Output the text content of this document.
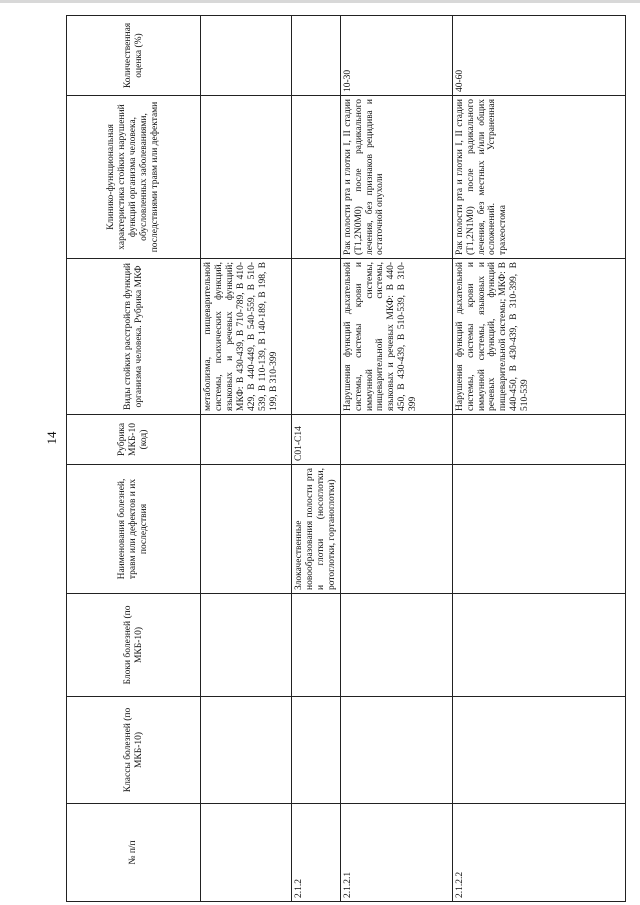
14
№ п/п	Классы болезней (по МКБ-10)	Блоки болезней (по МКБ-10)	Наименования болезней, травм или дефектов и их последствия	Рубрика МКБ-10 (код)	Виды стойких расстройств функций организма человека. Рубрика МКФ	Клинико-функциональная характеристика стойких нарушений функций организма человека, обусловленных заболеваниями, последствиями травм или дефектами	Количественная оценка (%)
					метаболизма, пищеварительной системы, психических функций, языковых и речевых функций; МКФ: B 430-439, B 710-789, B 410-429, B 440-449, B 540-559, B 510-539, B 110-139, B 140-189, B 198, B 199, B 310-399		
2.1.2			Злокачественные новообразования полости рта и глотки (носоглотки, ротоглотки, гортаноглотки)	C01-C14			
2.1.2.1					Нарушения функций дыхательной системы, системы крови и иммунной системы, пищеварительной системы, языковых и речевых МКФ: B 440-450, B 430-439, B 510-539, B 310-399	Рак полости рта и глотки I, II стадии (T1,2N0M0) после радикального лечения, без признаков рецидива и остаточной опухоли	10-30
2.1.2.2					Нарушения функций дыхательной системы, системы крови и иммунной системы, языковых и речевых функций, функций пищеварительной системы; МКФ: B 440-450, B 430-439, B 310-399, B 510-539	Рак полости рта и глотки I, II стадии (T1,2N1M0) после радикального лечения, без местных и/или общих осложнений. Устраненная трахеостома	40-60
